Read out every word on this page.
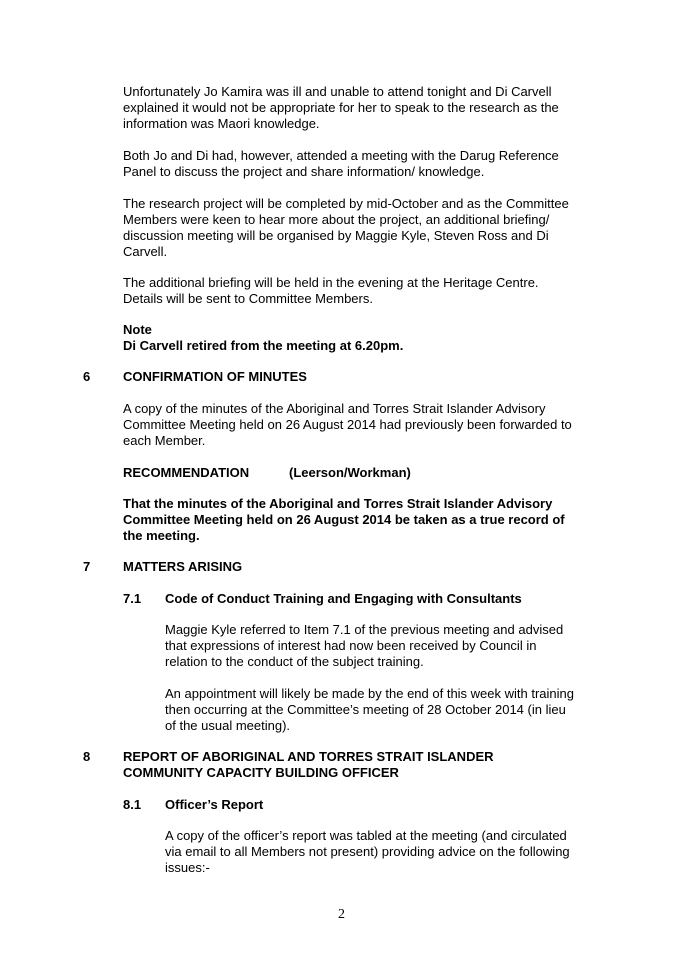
Unfortunately Jo Kamira was ill and unable to attend tonight and Di Carvell
explained it would not be appropriate for her to speak to the research as the
information was Maori knowledge.

Both Jo and Di had, however, attended a meeting with the Darug Reference
Panel to discuss the project and share information/ knowledge.

The research project will be completed by mid-October and as the Committee
Members were keen to hear more about the project, an additional briefing/
discussion meeting will be organised by Maggie Kyle, Steven Ross and Di
Carvell.

The additional briefing will be held in the evening at the Heritage Centre.
Details will be sent to Committee Members.

Note
Di Carvell retired from the meeting at 6.20pm.
6	CONFIRMATION OF MINUTES

A copy of the minutes of the Aboriginal and Torres Strait Islander Advisory
Committee Meeting held on 26 August 2014 had previously been forwarded to
each Member.

RECOMMENDATION	(Leerson/Workman)

That the minutes of the Aboriginal and Torres Strait Islander Advisory
Committee Meeting held on 26 August 2014 be taken as a true record of
the meeting.

7	MATTERS ARISING
7.1 Code of Conduct Training and Engaging with Consultants

Maggie Kyle referred to Item 7.1 of the previous meeting and advised
that expressions of interest had now been received by Council in
relation to the conduct of the subject training.

An appointment will likely be made by the end of this week with training
then occurring at the Committee’s meeting of 28 October 2014 (in lieu
of the usual meeting).

8	REPORT OF ABORIGINAL AND TORRES STRAIT ISLANDER
COMMUNITY CAPACITY BUILDING OFFICER
8.1 Officer’s Report

A copy of the officer’s report was tabled at the meeting (and circulated
via email to all Members not present) providing advice on the following
issues:-

2
